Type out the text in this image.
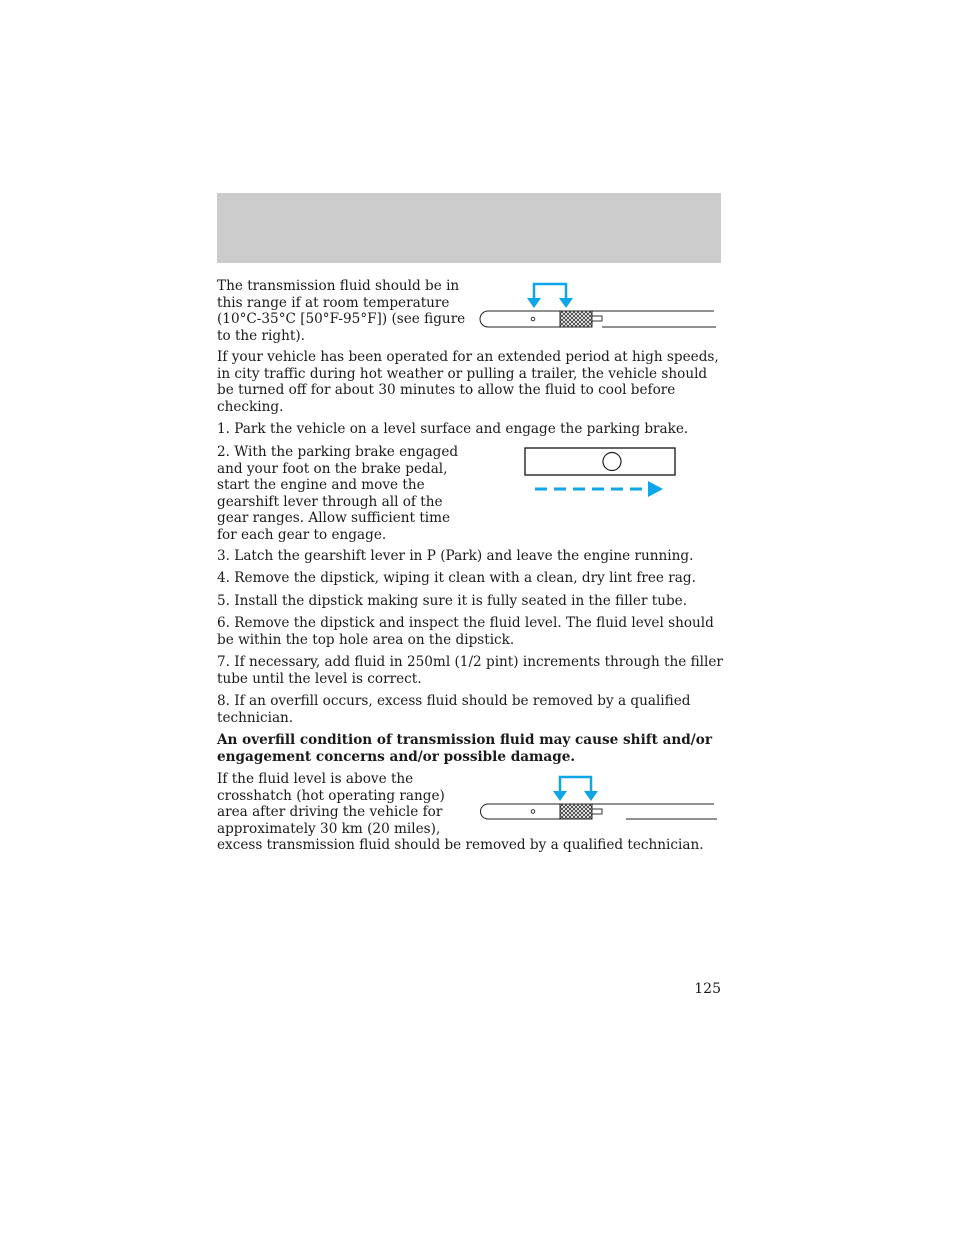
The transmission fluid should be in this range if at room temperature (10°C-35°C [50°F-95°F]) (see figure to the right).

If your vehicle has been operated for an extended period at high speeds, in city traffic during hot weather or pulling a trailer, the vehicle should be turned off for about 30 minutes to allow the fluid to cool before checking.

1. Park the vehicle on a level surface and engage the parking brake.

2. With the parking brake engaged and your foot on the brake pedal, start the engine and move the gearshift lever through all of the gear ranges. Allow sufficient time for each gear to engage.

3. Latch the gearshift lever in P (Park) and leave the engine running.

4. Remove the dipstick, wiping it clean with a clean, dry lint free rag.

5. Install the dipstick making sure it is fully seated in the filler tube.

6. Remove the dipstick and inspect the fluid level. The fluid level should be within the top hole area on the dipstick.

7. If necessary, add fluid in 250ml (1/2 pint) increments through the filler tube until the level is correct.

8. If an overfill occurs, excess fluid should be removed by a qualified technician.

An overfill condition of transmission fluid may cause shift and/or engagement concerns and/or possible damage.

If the fluid level is above the crosshatch (hot operating range) area after driving the vehicle for approximately 30 km (20 miles), excess transmission fluid should be removed by a qualified technician.

125
